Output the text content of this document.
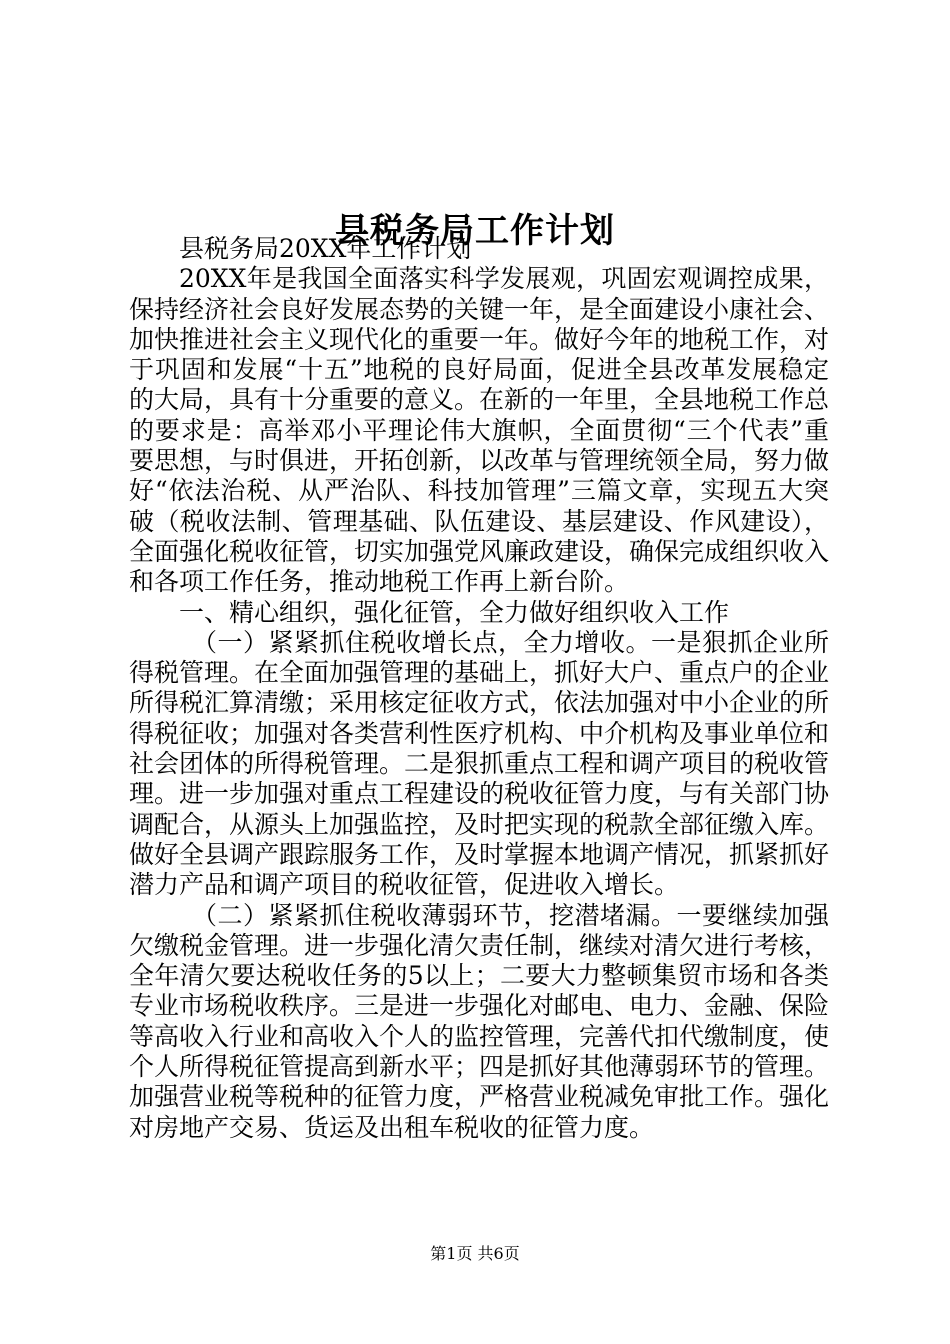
县税务局工作计划

县税务局20XX年工作计划

20XX年是我国全面落实科学发展观，巩固宏观调控成果，保持经济社会良好发展态势的关键一年，是全面建设小康社会、加快推进社会主义现代化的重要一年。做好今年的地税工作，对于巩固和发展“十五”地税的良好局面，促进全县改革发展稳定的大局，具有十分重要的意义。在新的一年里，全县地税工作总的要求是：高举邓小平理论伟大旗帜，全面贯彻“三个代表”重要思想，与时俱进，开拓创新，以改革与管理统领全局，努力做好“依法治税、从严治队、科技加管理”三篇文章，实现五大突破（税收法制、管理基础、队伍建设、基层建设、作风建设），全面强化税收征管，切实加强党风廉政建设，确保完成组织收入和各项工作任务，推动地税工作再上新台阶。

一、精心组织，强化征管，全力做好组织收入工作

（一）紧紧抓住税收增长点，全力增收。一是狠抓企业所得税管理。在全面加强管理的基础上，抓好大户、重点户的企业所得税汇算清缴；采用核定征收方式，依法加强对中小企业的所得税征收；加强对各类营利性医疗机构、中介机构及事业单位和社会团体的所得税管理。二是狠抓重点工程和调产项目的税收管理。进一步加强对重点工程建设的税收征管力度，与有关部门协调配合，从源头上加强监控，及时把实现的税款全部征缴入库。做好全县调产跟踪服务工作，及时掌握本地调产情况，抓紧抓好潜力产品和调产项目的税收征管，促进收入增长。

（二）紧紧抓住税收薄弱环节，挖潜堵漏。一要继续加强欠缴税金管理。进一步强化清欠责任制，继续对清欠进行考核，全年清欠要达税收任务的5以上；二要大力整顿集贸市场和各类专业市场税收秩序。三是进一步强化对邮电、电力、金融、保险等高收入行业和高收入个人的监控管理，完善代扣代缴制度，使个人所得税征管提高到新水平；四是抓好其他薄弱环节的管理。加强营业税等税种的征管力度，严格营业税减免审批工作。强化对房地产交易、货运及出租车税收的征管力度。

第1页 共6页
